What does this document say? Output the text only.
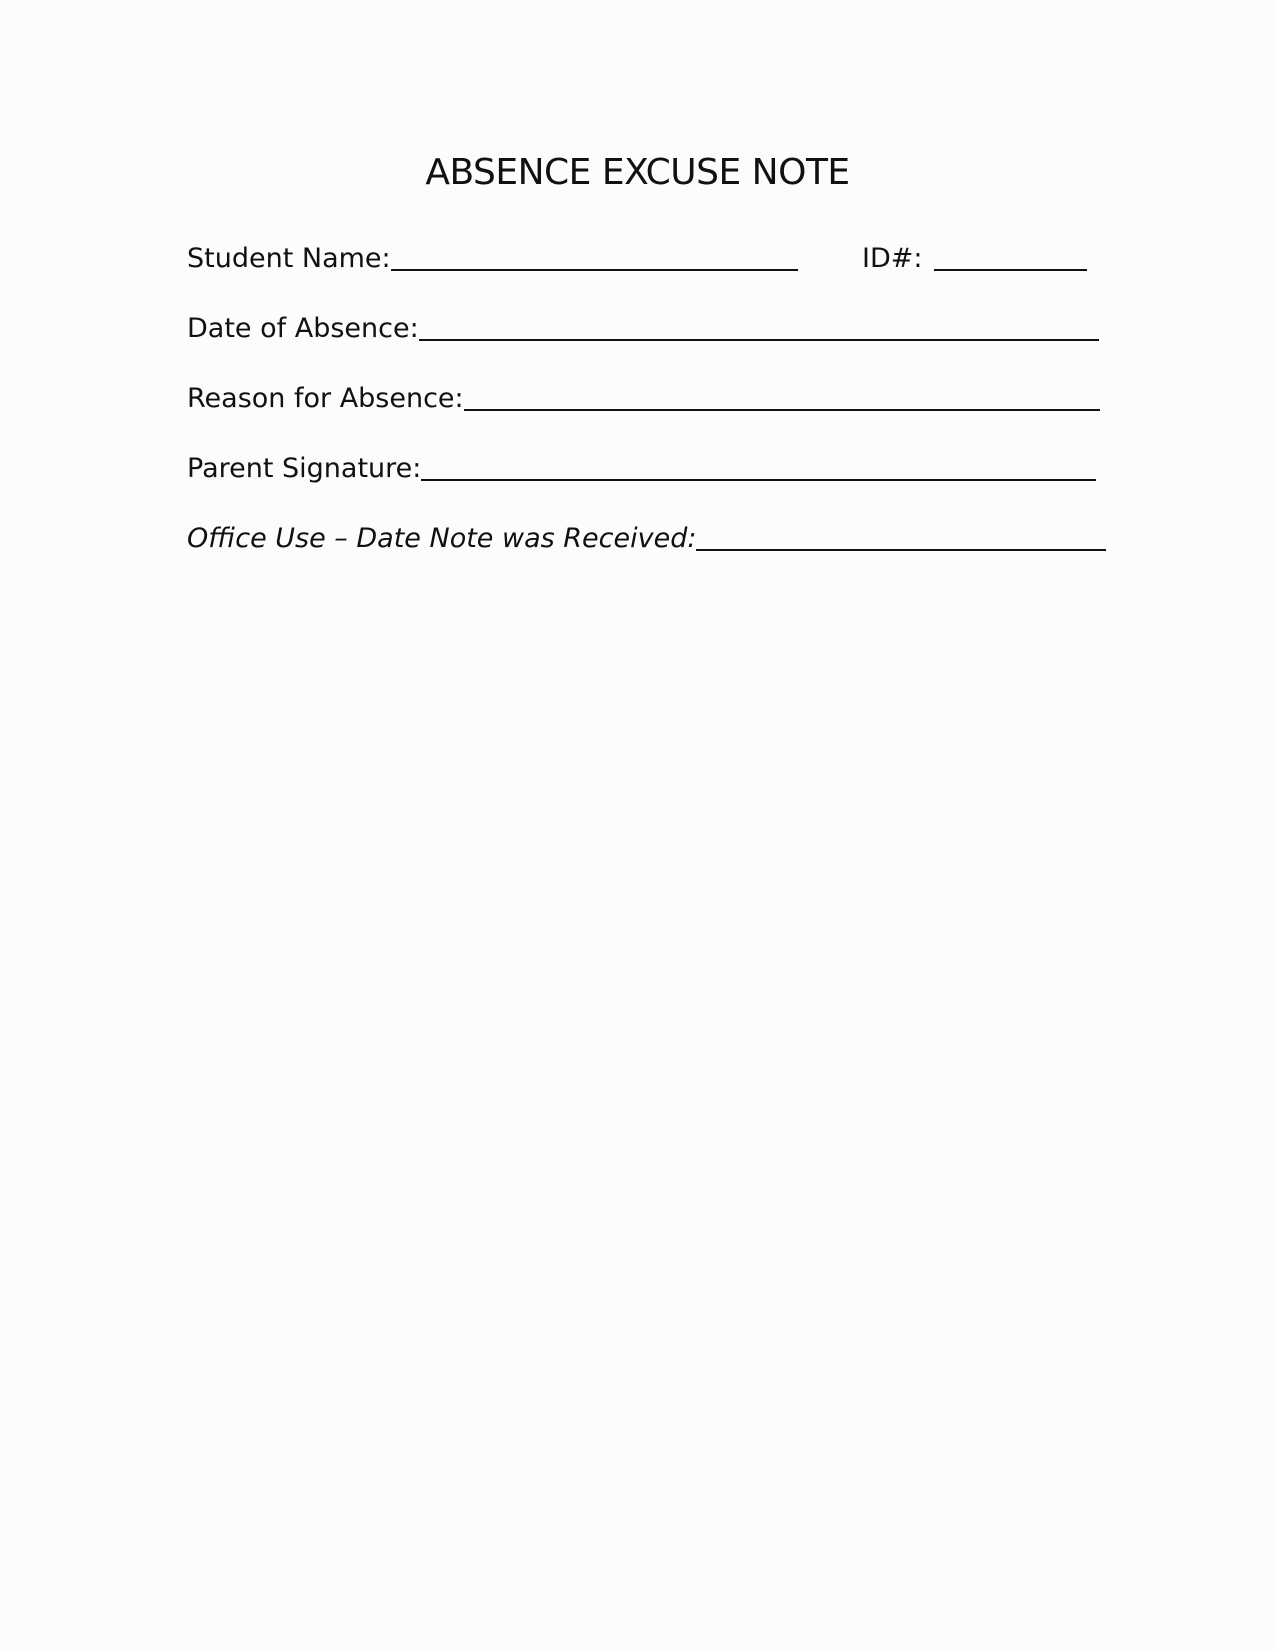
ABSENCE EXCUSE NOTE
Student Name:	ID#:
Date of Absence:
Reason for Absence:
Parent Signature:
Office Use – Date Note was Received:
